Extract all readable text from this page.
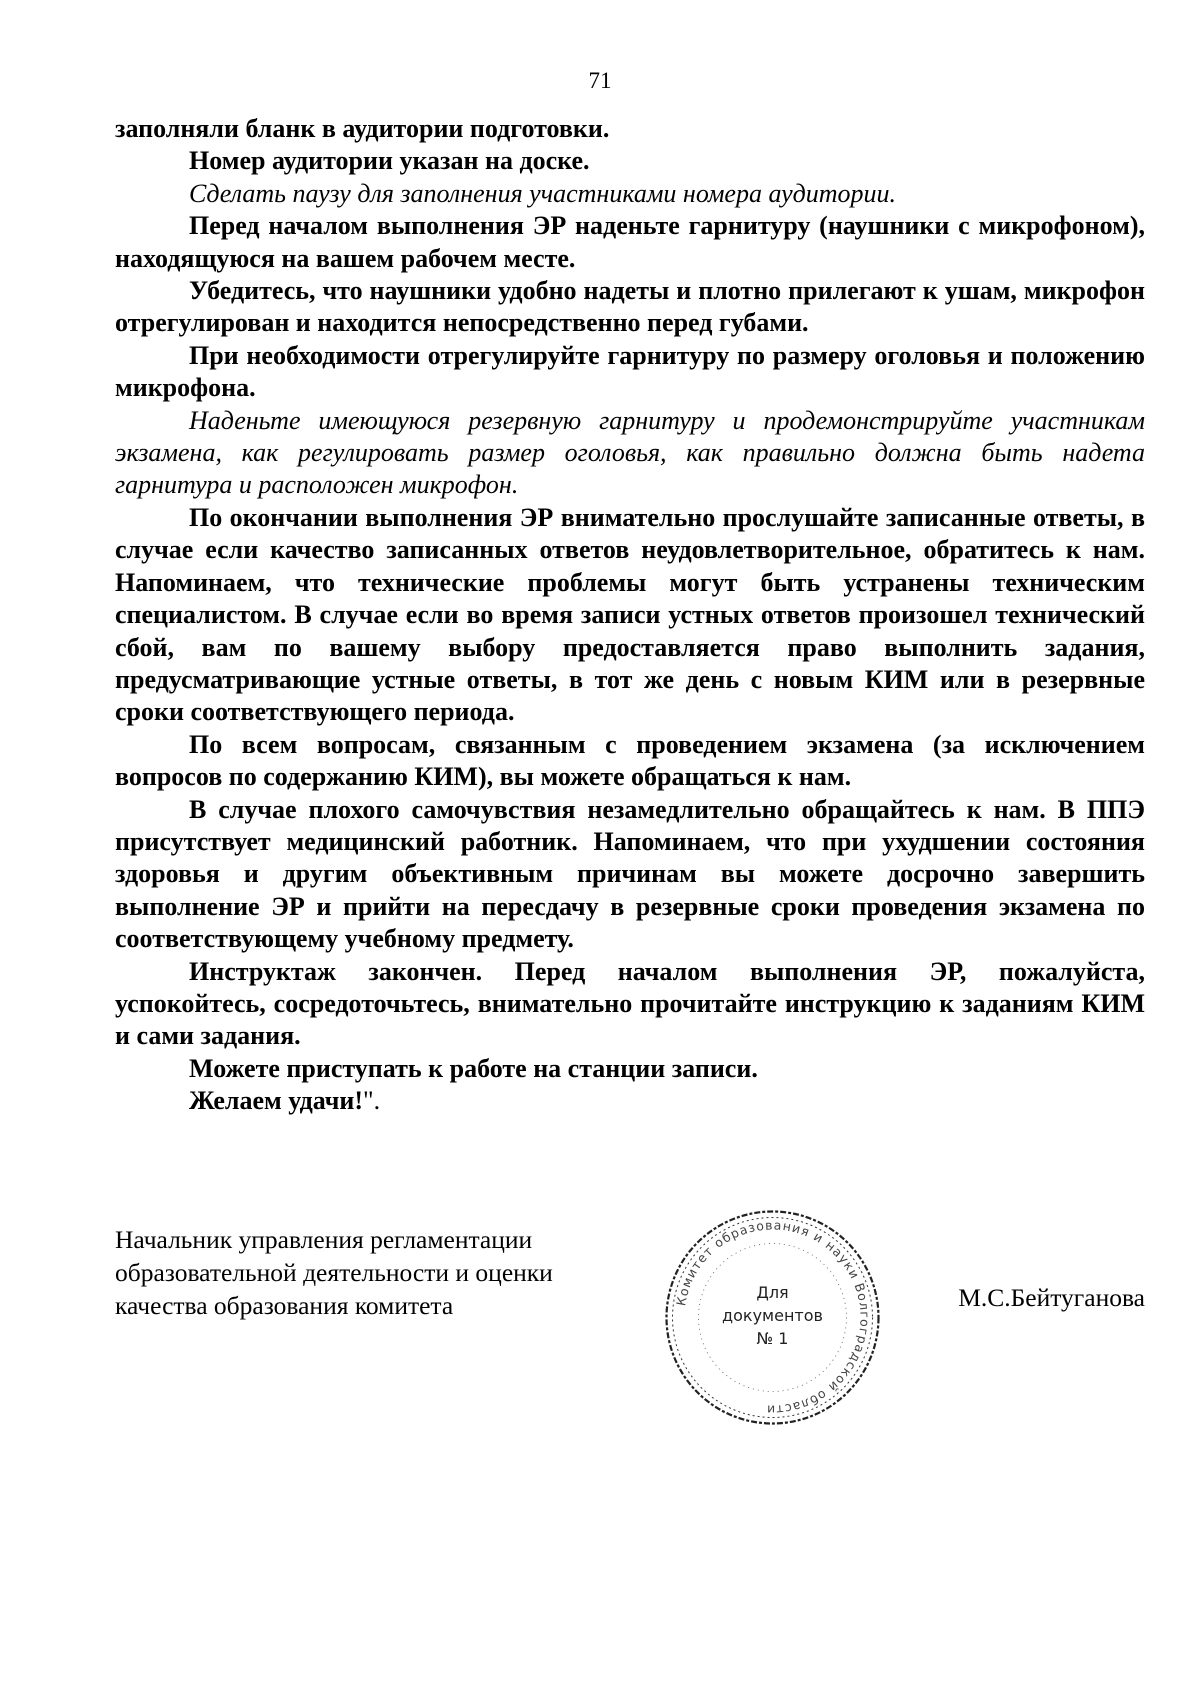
71

заполняли бланк в аудитории подготовки.

Номер аудитории указан на доске.

Сделать паузу для заполнения участниками номера аудитории.

Перед началом выполнения ЭР наденьте гарнитуру (наушники с микрофоном), находящуюся на вашем рабочем месте.

Убедитесь, что наушники удобно надеты и плотно прилегают к ушам, микрофон отрегулирован и находится непосредственно перед губами.

При необходимости отрегулируйте гарнитуру по размеру оголовья и положению микрофона.

Наденьте имеющуюся резервную гарнитуру и продемонстрируйте участникам экзамена, как регулировать размер оголовья, как правильно должна быть надета гарнитура и расположен микрофон.

По окончании выполнения ЭР внимательно прослушайте записанные ответы, в случае если качество записанных ответов неудовлетворительное, обратитесь к нам. Напоминаем, что технические проблемы могут быть устранены техническим специалистом. В случае если во время записи устных ответов произошел технический сбой, вам по вашему выбору предоставляется право выполнить задания, предусматривающие устные ответы, в тот же день с новым КИМ или в резервные сроки соответствующего периода.

По всем вопросам, связанным с проведением экзамена (за исключением вопросов по содержанию КИМ), вы можете обращаться к нам.

В случае плохого самочувствия незамедлительно обращайтесь к нам. В ППЭ присутствует медицинский работник. Напоминаем, что при ухудшении состояния здоровья и другим объективным причинам вы можете досрочно завершить выполнение ЭР и прийти на пересдачу в резервные сроки проведения экзамена по соответствующему учебному предмету.

Инструктаж закончен. Перед началом выполнения ЭР, пожалуйста, успокойтесь, сосредоточьтесь, внимательно прочитайте инструкцию к заданиям КИМ и сами задания.

Можете приступать к работе на станции записи.

Желаем удачи!".

Начальник управления регламентации
образовательной деятельности и оценки
качества образования комитета	Комитет образования и науки Волгоградской области
Для
документов
№ 1
М.С.Бейтуганова
